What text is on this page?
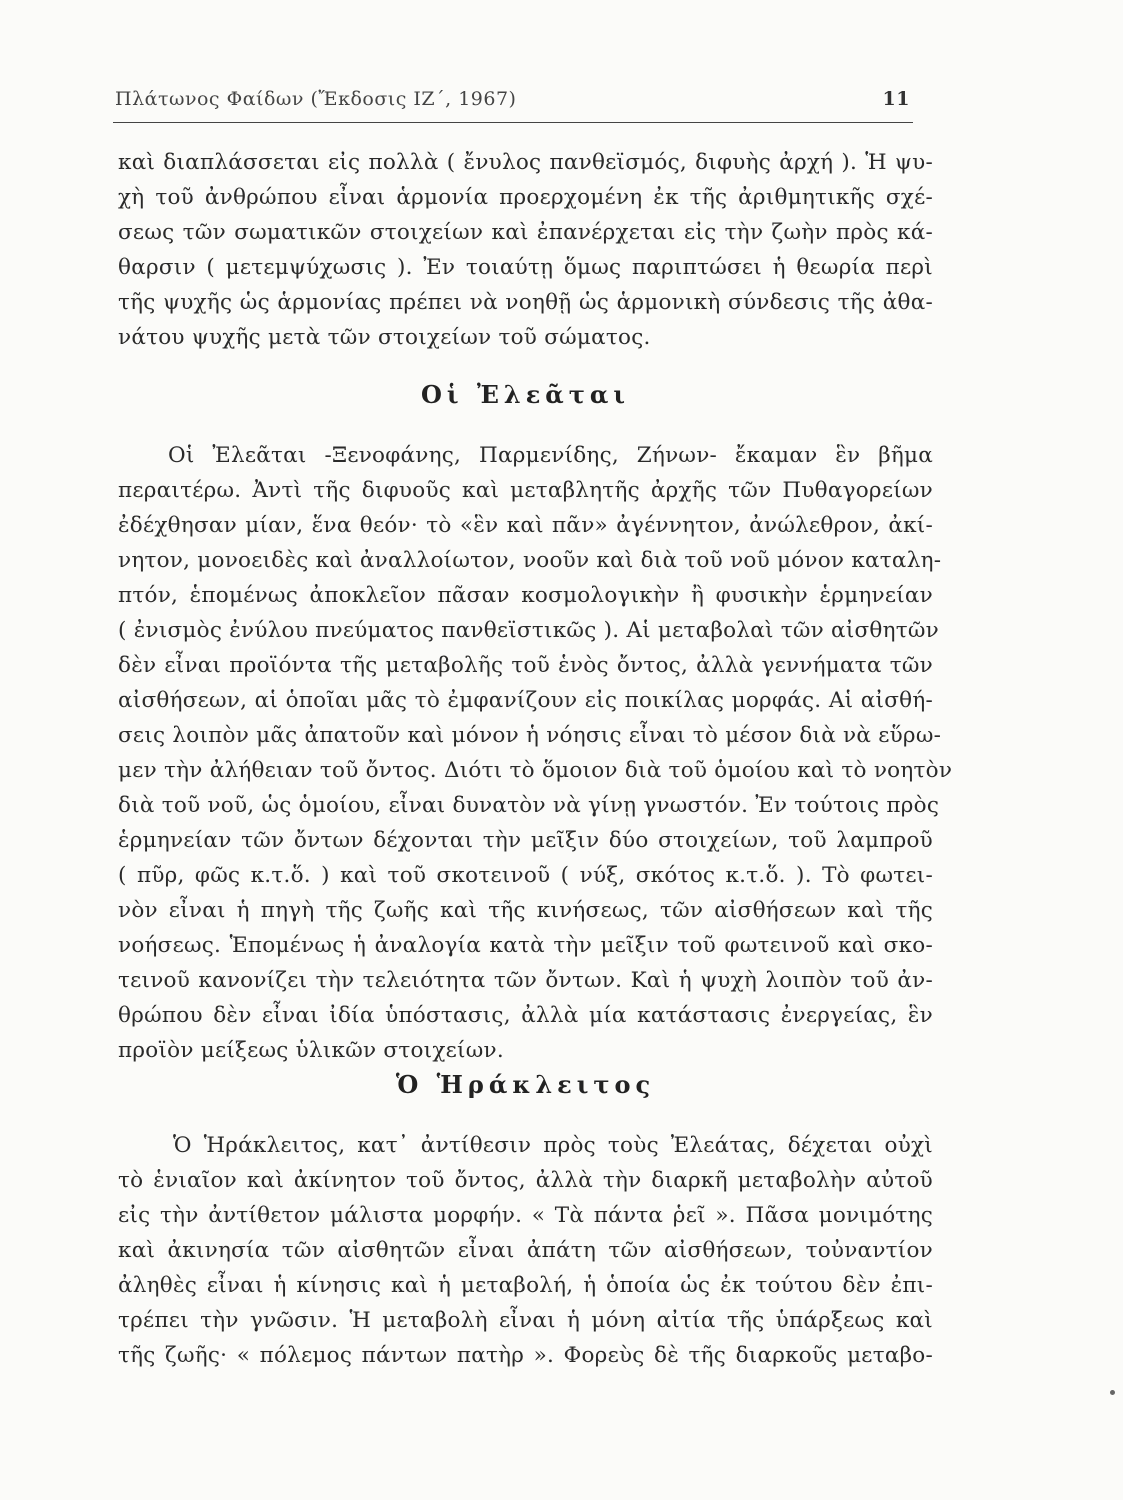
Πλάτωνος Φαίδων (Ἔκδοσις ΙΖ΄, 1967)	11
καὶ διαπλάσσεται εἰς πολλὰ ( ἔνυλος πανθεϊσμός, διφυὴς ἀρχή ). Ἡ ψυ-
χὴ τοῦ ἀνθρώπου εἶναι ἁρμονία προερχομένη ἐκ τῆς ἀριθμητικῆς σχέ-
σεως τῶν σωματικῶν στοιχείων καὶ ἐπανέρχεται εἰς τὴν ζωὴν πρὸς κά-
θαρσιν ( μετεμψύχωσις ). Ἐν τοιαύτῃ ὅμως παριπτώσει ἡ θεωρία περὶ
τῆς ψυχῆς ὡς ἁρμονίας πρέπει νὰ νοηθῇ ὡς ἁρμονικὴ σύνδεσις τῆς ἀθα-
νάτου ψυχῆς μετὰ τῶν στοιχείων τοῦ σώματος.
Οἱ Ἐλεᾶται
Οἱ Ἐλεᾶται -Ξενοφάνης, Παρμενίδης, Ζήνων- ἔκαμαν ἓν βῆμα
περαιτέρω. Ἀντὶ τῆς διφυοῦς καὶ μεταβλητῆς ἀρχῆς τῶν Πυθαγορείων
ἐδέχθησαν μίαν, ἕνα θεόν· τὸ «ἓν καὶ πᾶν» ἀγέννητον, ἀνώλεθρον, ἀκί-
νητον, μονοειδὲς καὶ ἀναλλοίωτον, νοοῦν καὶ διὰ τοῦ νοῦ μόνον καταλη-
πτόν, ἑπομένως ἀποκλεῖον πᾶσαν κοσμολογικὴν ἢ φυσικὴν ἑρμηνείαν
( ἐνισμὸς ἐνύλου πνεύματος πανθεϊστικῶς ). Αἱ μεταβολαὶ τῶν αἰσθητῶν
δὲν εἶναι προϊόντα τῆς μεταβολῆς τοῦ ἑνὸς ὄντος, ἀλλὰ γεννήματα τῶν
αἰσθήσεων, αἱ ὁποῖαι μᾶς τὸ ἐμφανίζουν εἰς ποικίλας μορφάς. Αἱ αἰσθή-
σεις λοιπὸν μᾶς ἀπατοῦν καὶ μόνον ἡ νόησις εἶναι τὸ μέσον διὰ νὰ εὕρω-
μεν τὴν ἀλήθειαν τοῦ ὄντος. Διότι τὸ ὅμοιον διὰ τοῦ ὁμοίου καὶ τὸ νοητὸν
διὰ τοῦ νοῦ, ὡς ὁμοίου, εἶναι δυνατὸν νὰ γίνῃ γνωστόν. Ἐν τούτοις πρὸς
ἑρμηνείαν τῶν ὄντων δέχονται τὴν μεῖξιν δύο στοιχείων, τοῦ λαμπροῦ
( πῦρ, φῶς κ.τ.ὅ. ) καὶ τοῦ σκοτεινοῦ ( νύξ, σκότος κ.τ.ὅ. ). Τὸ φωτει-
νὸν εἶναι ἡ πηγὴ τῆς ζωῆς καὶ τῆς κινήσεως, τῶν αἰσθήσεων καὶ τῆς
νοήσεως. Ἑπομένως ἡ ἀναλογία κατὰ τὴν μεῖξιν τοῦ φωτεινοῦ καὶ σκο-
τεινοῦ κανονίζει τὴν τελειότητα τῶν ὄντων. Καὶ ἡ ψυχὴ λοιπὸν τοῦ ἀν-
θρώπου δὲν εἶναι ἰδία ὑπόστασις, ἀλλὰ μία κατάστασις ἐνεργείας, ἓν
προϊὸν μείξεως ὑλικῶν στοιχείων.
Ὁ Ἡράκλειτος
Ὁ Ἡράκλειτος, κατ᾽ ἀντίθεσιν πρὸς τοὺς Ἐλεάτας, δέχεται οὐχὶ
τὸ ἑνιαῖον καὶ ἀκίνητον τοῦ ὄντος, ἀλλὰ τὴν διαρκῆ μεταβολὴν αὐτοῦ
εἰς τὴν ἀντίθετον μάλιστα μορφήν. « Τὰ πάντα ῥεῖ ». Πᾶσα μονιμότης
καὶ ἀκινησία τῶν αἰσθητῶν εἶναι ἀπάτη τῶν αἰσθήσεων, τοὐναντίον
ἀληθὲς εἶναι ἡ κίνησις καὶ ἡ μεταβολή, ἡ ὁποία ὡς ἐκ τούτου δὲν ἐπι-
τρέπει τὴν γνῶσιν. Ἡ μεταβολὴ εἶναι ἡ μόνη αἰτία τῆς ὑπάρξεως καὶ
τῆς ζωῆς· « πόλεμος πάντων πατὴρ ». Φορεὺς δὲ τῆς διαρκοῦς μεταβο-
